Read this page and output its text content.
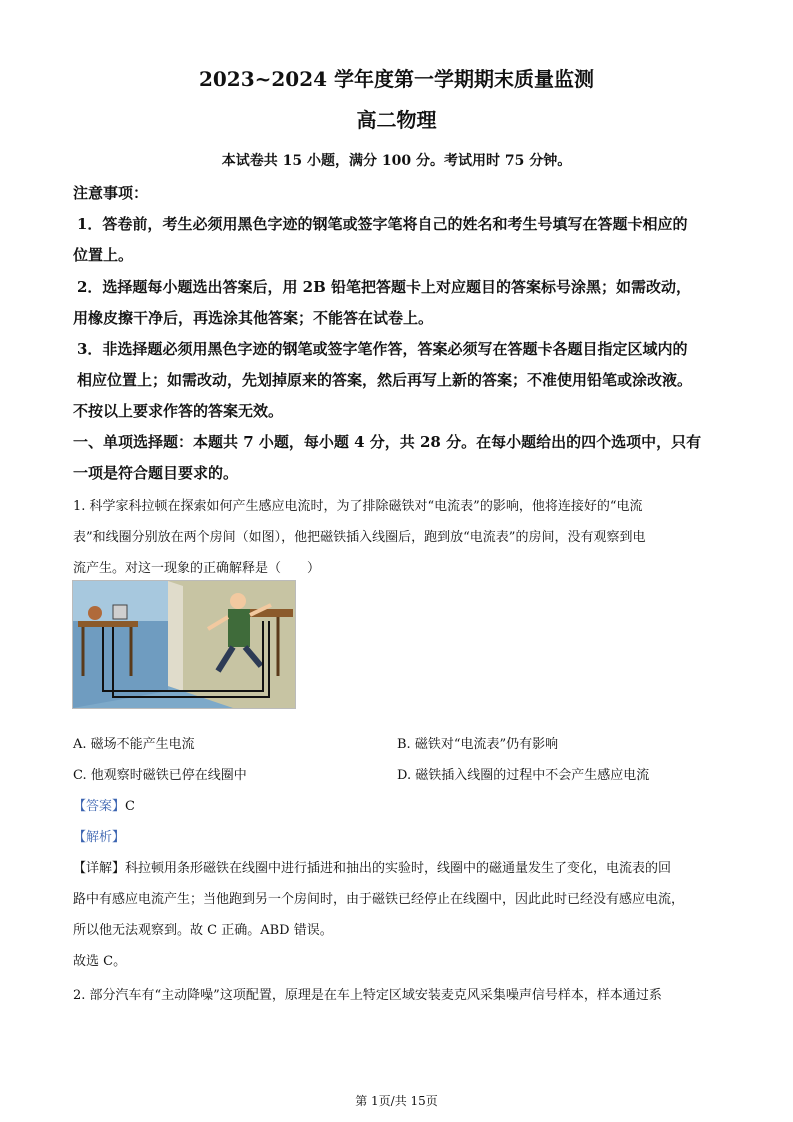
2023~2024 学年度第一学期期末质量监测
高二物理
本试卷共 15 小题，满分 100 分。考试用时 75 分钟。
注意事项：
1．答卷前，考生必须用黑色字迹的钢笔或签字笔将自己的姓名和考生号填写在答题卡相应的
位置上。
2．选择题每小题选出答案后，用 2B 铅笔把答题卡上对应题目的答案标号涂黑；如需改动，
用橡皮擦干净后，再选涂其他答案；不能答在试卷上。
3．非选择题必须用黑色字迹的钢笔或签字笔作答，答案必须写在答题卡各题目指定区域内的
相应位置上；如需改动，先划掉原来的答案，然后再写上新的答案；不准使用铅笔或涂改液。
不按以上要求作答的答案无效。
一、单项选择题：本题共 7 小题，每小题 4 分，共 28 分。在每小题给出的四个选项中，只有
一项是符合题目要求的。
1. 科学家科拉顿在探索如何产生感应电流时，为了排除磁铁对“电流表”的影响，他将连接好的“电流
表”和线圈分别放在两个房间（如图），他把磁铁插入线圈后，跑到放“电流表”的房间，没有观察到电
流产生。对这一现象的正确解释是（　　）
A. 磁场不能产生电流	B. 磁铁对“电流表”仍有影响
C. 他观察时磁铁已停在线圈中	D. 磁铁插入线圈的过程中不会产生感应电流
【答案】C
【解析】
【详解】科拉顿用条形磁铁在线圈中进行插进和抽出的实验时，线圈中的磁通量发生了变化，电流表的回
路中有感应电流产生；当他跑到另一个房间时，由于磁铁已经停止在线圈中，因此此时已经没有感应电流，
所以他无法观察到。故 C 正确。ABD 错误。
故选 C。
2. 部分汽车有“主动降噪”这项配置，原理是在车上特定区域安装麦克风采集噪声信号样本，样本通过系
第 1页/共 15页
